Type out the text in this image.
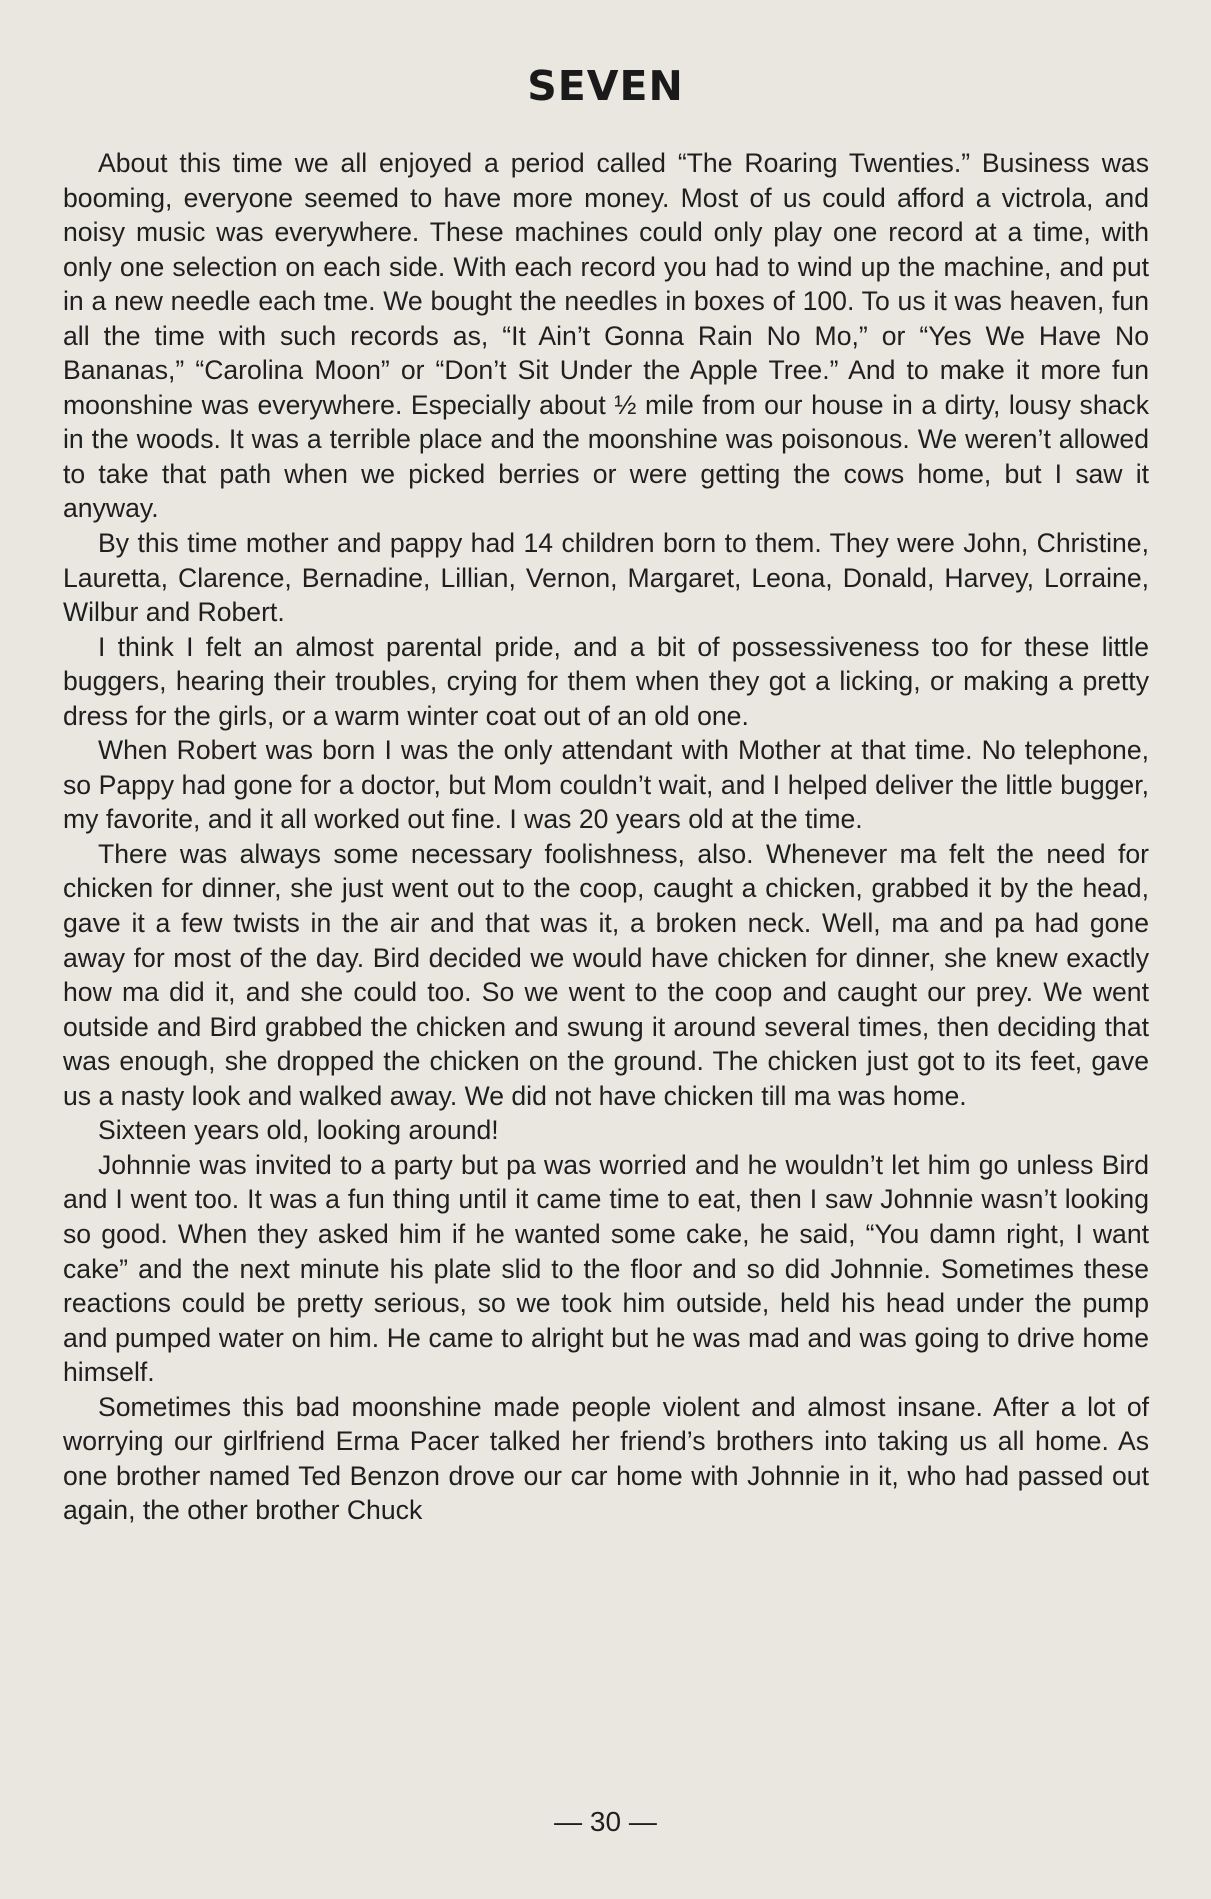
SEVEN

About this time we all enjoyed a period called “The Roaring Twenties.” Business was booming, everyone seemed to have more money. Most of us could afford a victrola, and noisy music was everywhere. These machines could only play one record at a time, with only one selection on each side. With each record you had to wind up the machine, and put in a new needle each tme. We bought the needles in boxes of 100. To us it was heaven, fun all the time with such records as, “It Ain’t Gonna Rain No Mo,” or “Yes We Have No Bananas,” “Carolina Moon” or “Don’t Sit Under the Apple Tree.” And to make it more fun moonshine was everywhere. Especially about ½ mile from our house in a dirty, lousy shack in the woods. It was a terrible place and the moonshine was poisonous. We weren’t allowed to take that path when we picked berries or were getting the cows home, but I saw it anyway.

By this time mother and pappy had 14 children born to them. They were John, Christine, Lauretta, Clarence, Bernadine, Lillian, Vernon, Margaret, Leona, Donald, Harvey, Lorraine, Wilbur and Robert.

I think I felt an almost parental pride, and a bit of possessiveness too for these little buggers, hearing their troubles, crying for them when they got a licking, or making a pretty dress for the girls, or a warm winter coat out of an old one.

When Robert was born I was the only attendant with Mother at that time. No telephone, so Pappy had gone for a doctor, but Mom couldn’t wait, and I helped deliver the little bugger, my favorite, and it all worked out fine. I was 20 years old at the time.

There was always some necessary foolishness, also. Whenever ma felt the need for chicken for dinner, she just went out to the coop, caught a chicken, grabbed it by the head, gave it a few twists in the air and that was it, a broken neck. Well, ma and pa had gone away for most of the day. Bird decided we would have chicken for dinner, she knew exactly how ma did it, and she could too. So we went to the coop and caught our prey. We went outside and Bird grabbed the chicken and swung it around several times, then deciding that was enough, she dropped the chicken on the ground. The chicken just got to its feet, gave us a nasty look and walked away. We did not have chicken till ma was home.

Sixteen years old, looking around!

Johnnie was invited to a party but pa was worried and he wouldn’t let him go unless Bird and I went too. It was a fun thing until it came time to eat, then I saw Johnnie wasn’t looking so good. When they asked him if he wanted some cake, he said, “You damn right, I want cake” and the next minute his plate slid to the floor and so did Johnnie. Sometimes these reactions could be pretty serious, so we took him outside, held his head under the pump and pumped water on him. He came to alright but he was mad and was going to drive home himself.

Sometimes this bad moonshine made people violent and almost insane. After a lot of worrying our girlfriend Erma Pacer talked her friend’s brothers into taking us all home. As one brother named Ted Benzon drove our car home with Johnnie in it, who had passed out again, the other brother Chuck

— 30 —
